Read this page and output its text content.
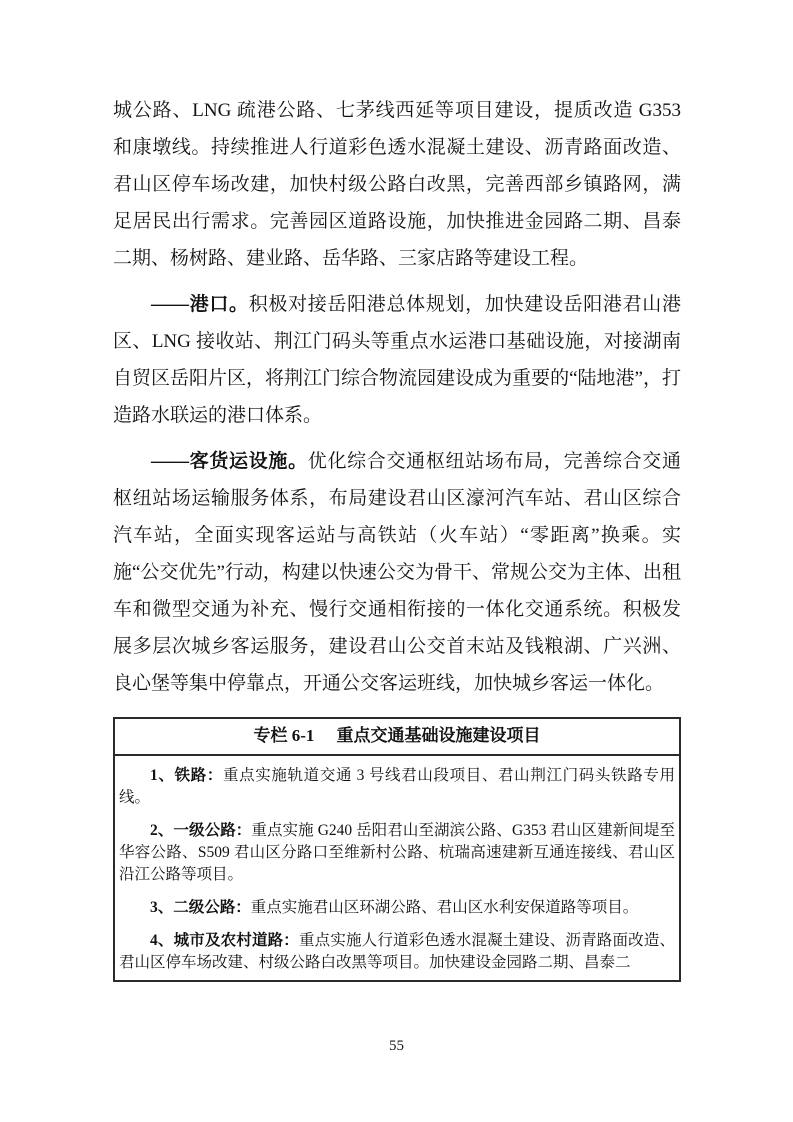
城公路、LNG 疏港公路、七茅线西延等项目建设，提质改造 G353 和康墩线。持续推进人行道彩色透水混凝土建设、沥青路面改造、君山区停车场改建，加快村级公路白改黑，完善西部乡镇路网，满足居民出行需求。完善园区道路设施，加快推进金园路二期、昌泰二期、杨树路、建业路、岳华路、三家店路等建设工程。

——港口。积极对接岳阳港总体规划，加快建设岳阳港君山港区、LNG 接收站、荆江门码头等重点水运港口基础设施，对接湖南自贸区岳阳片区，将荆江门综合物流园建设成为重要的“陆地港”，打造路水联运的港口体系。

——客货运设施。优化综合交通枢纽站场布局，完善综合交通枢纽站场运输服务体系，布局建设君山区濠河汽车站、君山区综合汽车站，全面实现客运站与高铁站（火车站）“零距离”换乘。实施“公交优先”行动，构建以快速公交为骨干、常规公交为主体、出租车和微型交通为补充、慢行交通相衔接的一体化交通系统。积极发展多层次城乡客运服务，建设君山公交首末站及钱粮湖、广兴洲、良心堡等集中停靠点，开通公交客运班线，加快城乡客运一体化。

专栏 6-1 重点交通基础设施建设项目

1、铁路：重点实施轨道交通 3 号线君山段项目、君山荆江门码头铁路专用线。

2、一级公路：重点实施 G240 岳阳君山至湖滨公路、G353 君山区建新间堤至华容公路、S509 君山区分路口至维新村公路、杭瑞高速建新互通连接线、君山区沿江公路等项目。

3、二级公路：重点实施君山区环湖公路、君山区水利安保道路等项目。

4、城市及农村道路：重点实施人行道彩色透水混凝土建设、沥青路面改造、君山区停车场改建、村级公路白改黑等项目。加快建设金园路二期、昌泰二

55
